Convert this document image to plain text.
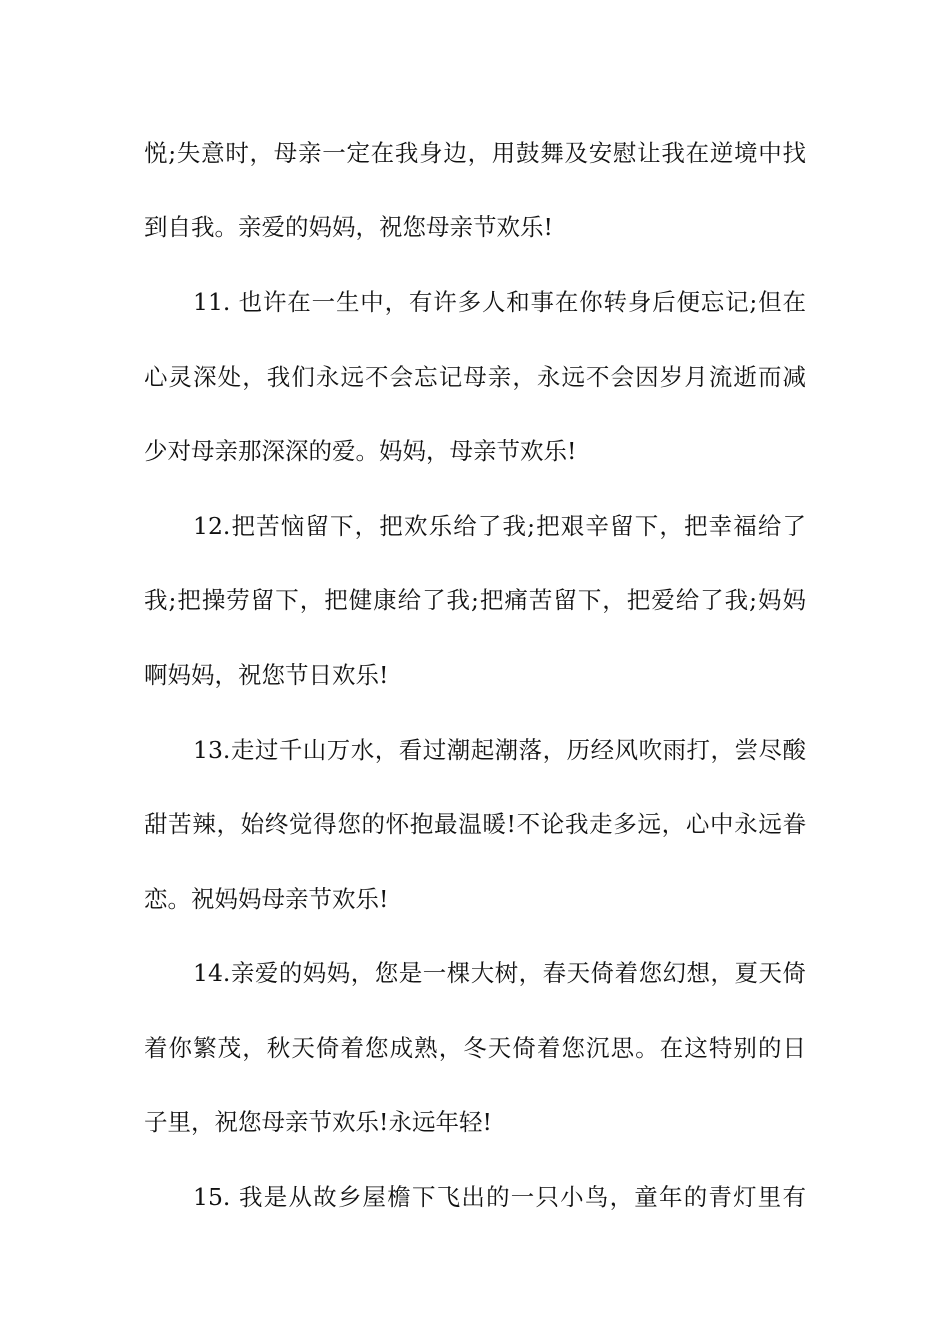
悦;失意时，母亲一定在我身边，用鼓舞及安慰让我在逆境中找
到自我。亲爱的妈妈，祝您母亲节欢乐!
11. 也许在一生中，有许多人和事在你转身后便忘记;但在
心灵深处，我们永远不会忘记母亲，永远不会因岁月流逝而减
少对母亲那深深的爱。妈妈，母亲节欢乐!
12.把苦恼留下，把欢乐给了我;把艰辛留下，把幸福给了
我;把操劳留下，把健康给了我;把痛苦留下，把爱给了我;妈妈
啊妈妈，祝您节日欢乐!
13.走过千山万水，看过潮起潮落，历经风吹雨打，尝尽酸
甜苦辣，始终觉得您的怀抱最温暖!不论我走多远，心中永远眷
恋。祝妈妈母亲节欢乐!
14.亲爱的妈妈，您是一棵大树，春天倚着您幻想，夏天倚
着你繁茂，秋天倚着您成熟，冬天倚着您沉思。在这特别的日
子里，祝您母亲节欢乐!永远年轻!
15. 我是从故乡屋檐下飞出的一只小鸟，童年的青灯里有
